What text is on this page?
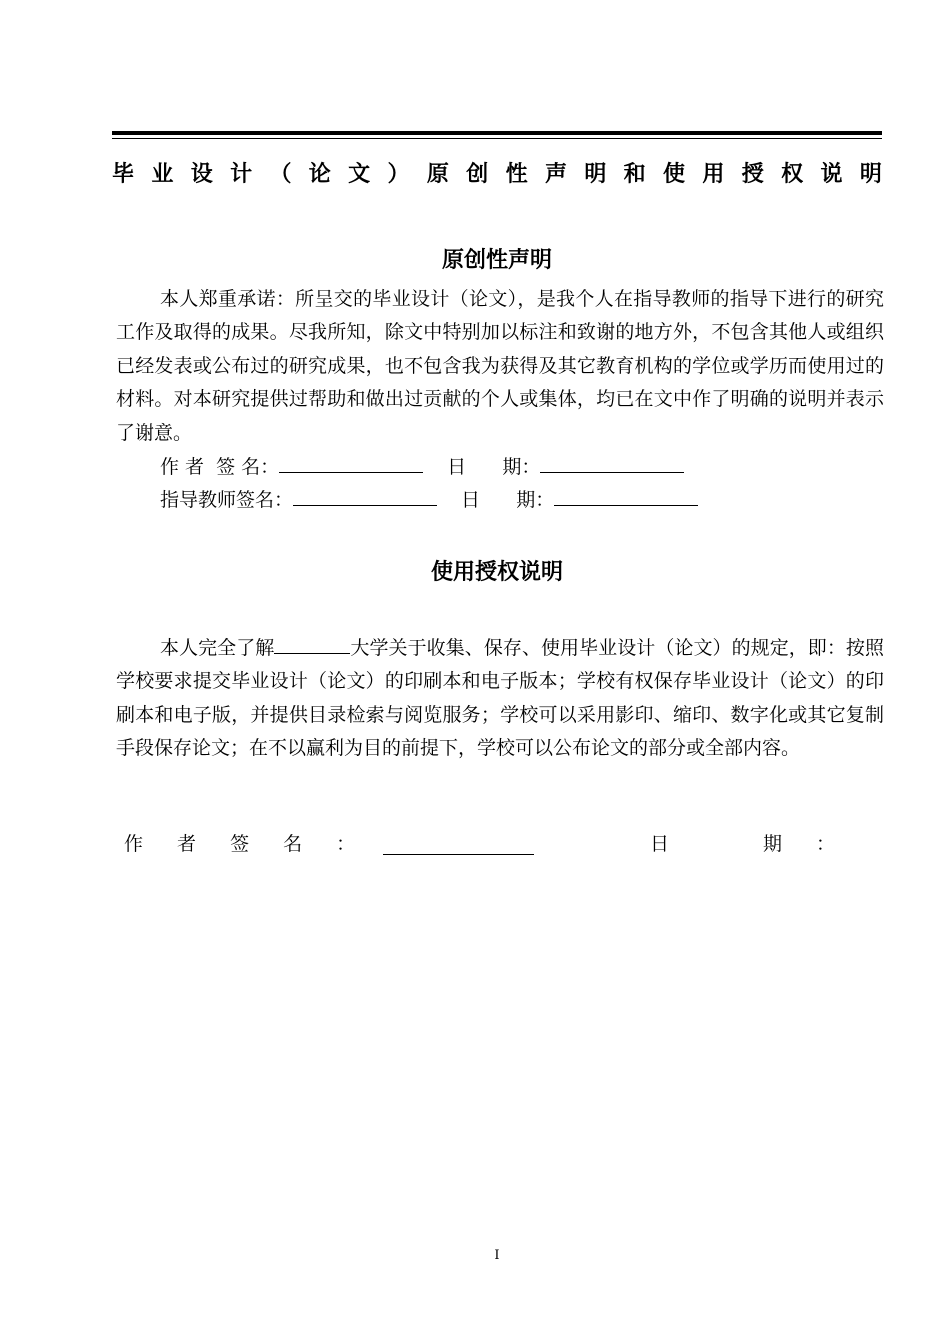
毕 业 设 计 （ 论 文 ） 原 创 性 声 明 和 使 用 授 权 说 明
原创性声明
本人郑重承诺：所呈交的毕业设计（论文），是我个人在指导教师的指导下进行的研究工作及取得的成果。尽我所知，除文中特别加以标注和致谢的地方外，不包含其他人或组织已经发表或公布过的研究成果，也不包含我为获得及其它教育机构的学位或学历而使用过的材料。对本研究提供过帮助和做出过贡献的个人或集体，均已在文中作了明确的说明并表示了谢意。
作 者  签 名：	日      期：
指导教师签名：	日      期：
使用授权说明
本人完全了解	大学关于收集、保存、使用毕业设计（论文）的规定，即：按照学校要求提交毕业设计（论文）的印刷本和电子版本；学校有权保存毕业设计（论文）的印刷本和电子版，并提供目录检索与阅览服务；学校可以采用影印、缩印、数字化或其它复制手段保存论文；在不以赢利为目的前提下，学校可以公布论文的部分或全部内容。
作 者 签 名 ：	日	期 ：
I
